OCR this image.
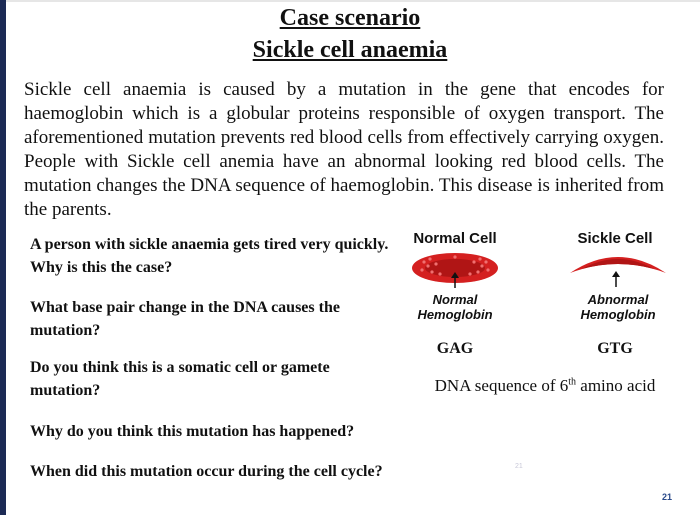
Case scenario
Sickle cell anaemia
Sickle cell anaemia is caused by a mutation in the gene that encodes for haemoglobin which is a globular proteins responsible of oxygen transport. The aforementioned mutation prevents red blood cells from effectively carrying oxygen. People with Sickle cell anemia have an abnormal looking red blood cells. The mutation changes the DNA sequence of haemoglobin. This disease is inherited from the parents.
A person with sickle anaemia gets tired very quickly. Why is this the case?
What base pair change in the DNA causes the mutation?
Do you think this is a somatic cell or gamete mutation?
Why do you think this mutation has happened?
When did this mutation occur during the cell cycle?
Normal Cell	Sickle Cell
Normal
Hemoglobin
Abnormal
Hemoglobin
GAG	GTG
DNA sequence of 6th amino acid
21
21
